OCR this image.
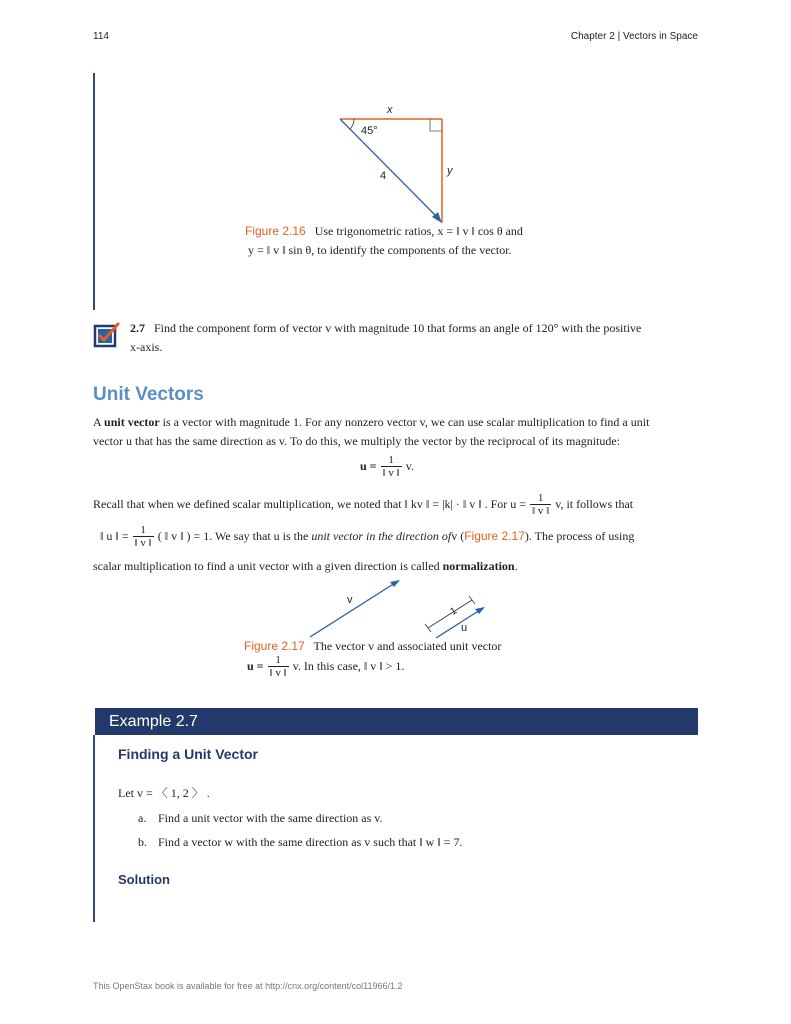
114	Chapter 2 | Vectors in Space
x
y
45°
4
Figure 2.16 Use trigonometric ratios, x = ‖ v ‖ cos θ and
y = ‖ v ‖ sin θ, to identify the components of the vector.
2.7 Find the component form of vector v with magnitude 10 that forms an angle of 120° with the positive
x-axis.
Unit Vectors
A unit vector is a vector with magnitude 1. For any nonzero vector v, we can use scalar multiplication to find a unit
vector u that has the same direction as v. To do this, we multiply the vector by the reciprocal of its magnitude:
$u = \frac{1}{‖ v ‖} v$.
Recall that when we defined scalar multiplication, we noted that ‖ kv ‖ = |k| · ‖ v ‖ . For $u = \frac{1}{‖ v ‖} v$, it follows that
‖ u ‖ = $\frac{1}{‖ v ‖}$ ( ‖ v ‖ ) = 1. We say that u is the unit vector in the direction ofv (Figure 2.17). The process of using
scalar multiplication to find a unit vector with a given direction is called normalization.
v
u
1
Figure 2.17 The vector v and associated unit vector
$u = \frac{1}{‖ v ‖} v$. In this case, ‖ v ‖ > 1.
Example 2.7
Finding a Unit Vector
Let v = 〈 1, 2 〉 .
a. Find a unit vector with the same direction as v.
b. Find a vector w with the same direction as v such that ‖ w ‖ = 7.
Solution
This OpenStax book is available for free at http://cnx.org/content/col11966/1.2
